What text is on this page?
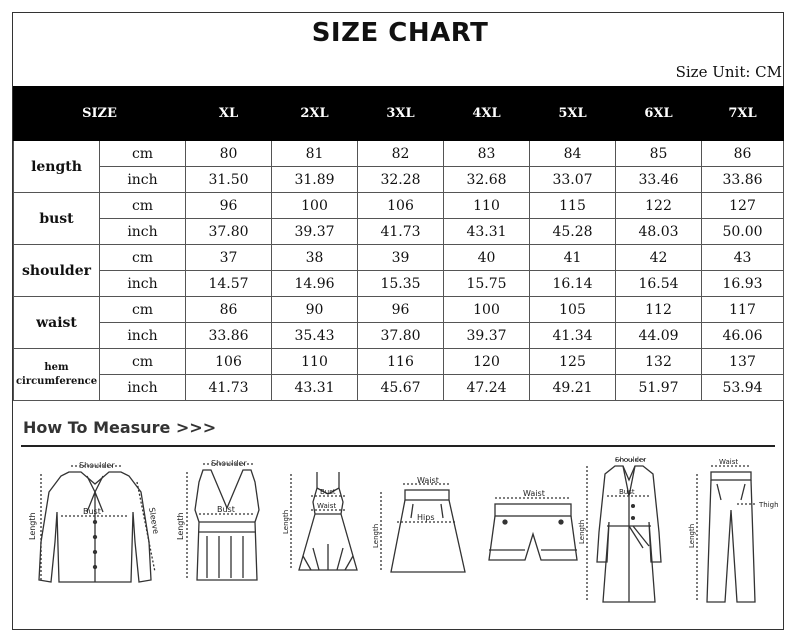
SIZE CHART
Size Unit: CM
SIZE		XL	2XL	3XL	4XL	5XL	6XL	7XL
length	cm	80	81	82	83	84	85	86
	inch	31.50	31.89	32.28	32.68	33.07	33.46	33.86
bust	cm	96	100	106	110	115	122	127
	inch	37.80	39.37	41.73	43.31	45.28	48.03	50.00
shoulder	cm	37	38	39	40	41	42	43
	inch	14.57	14.96	15.35	15.75	16.14	16.54	16.93
waist	cm	86	90	96	100	105	112	117
	inch	33.86	35.43	37.80	39.37	41.34	44.09	46.06
hem circumference	cm	106	110	116	120	125	132	137
	inch	41.73	43.31	45.67	47.24	49.21	51.97	53.94
How To Measure >>>
Shoulder
Bust
Length	Sleeve
Shoulder
Bust
Length
Bust
Waist
Length
Waist
Hips
Length
Waist
Shoulder
Bust
Length
Waist
Thigh
Length
